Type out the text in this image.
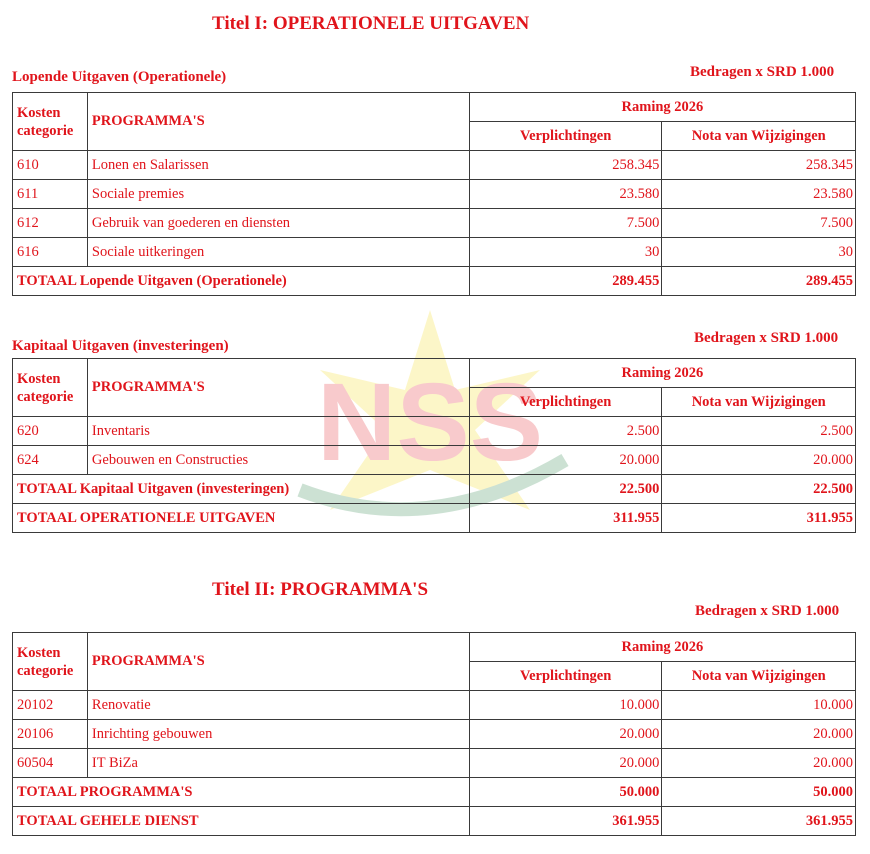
NSS
Titel I: OPERATIONELE UITGAVEN
Lopende Uitgaven (Operationele)	Bedragen x SRD 1.000
Kosten
categorie	PROGRAMMA'S	Raming 2026	
		Verplichtingen	Nota van Wijzigingen
610	Lonen en Salarissen	258.345	258.345
611	Sociale premies	23.580	23.580
612	Gebruik van goederen en diensten	7.500	7.500
616	Sociale uitkeringen	30	30
TOTAAL Lopende Uitgaven (Operationele)		289.455	289.455
Kapitaal Uitgaven (investeringen)	Bedragen x SRD 1.000
Kosten
categorie	PROGRAMMA'S	Raming 2026	
		Verplichtingen	Nota van Wijzigingen
620	Inventaris	2.500	2.500
624	Gebouwen en Constructies	20.000	20.000
TOTAAL Kapitaal Uitgaven (investeringen)		22.500	22.500
TOTAAL OPERATIONELE UITGAVEN		311.955	311.955
Titel II: PROGRAMMA'S
Bedragen x SRD 1.000
Kosten
categorie	PROGRAMMA'S	Raming 2026	
		Verplichtingen	Nota van Wijzigingen
20102	Renovatie	10.000	10.000
20106	Inrichting gebouwen	20.000	20.000
60504	IT BiZa	20.000	20.000
TOTAAL PROGRAMMA'S		50.000	50.000
TOTAAL GEHELE DIENST		361.955	361.955
